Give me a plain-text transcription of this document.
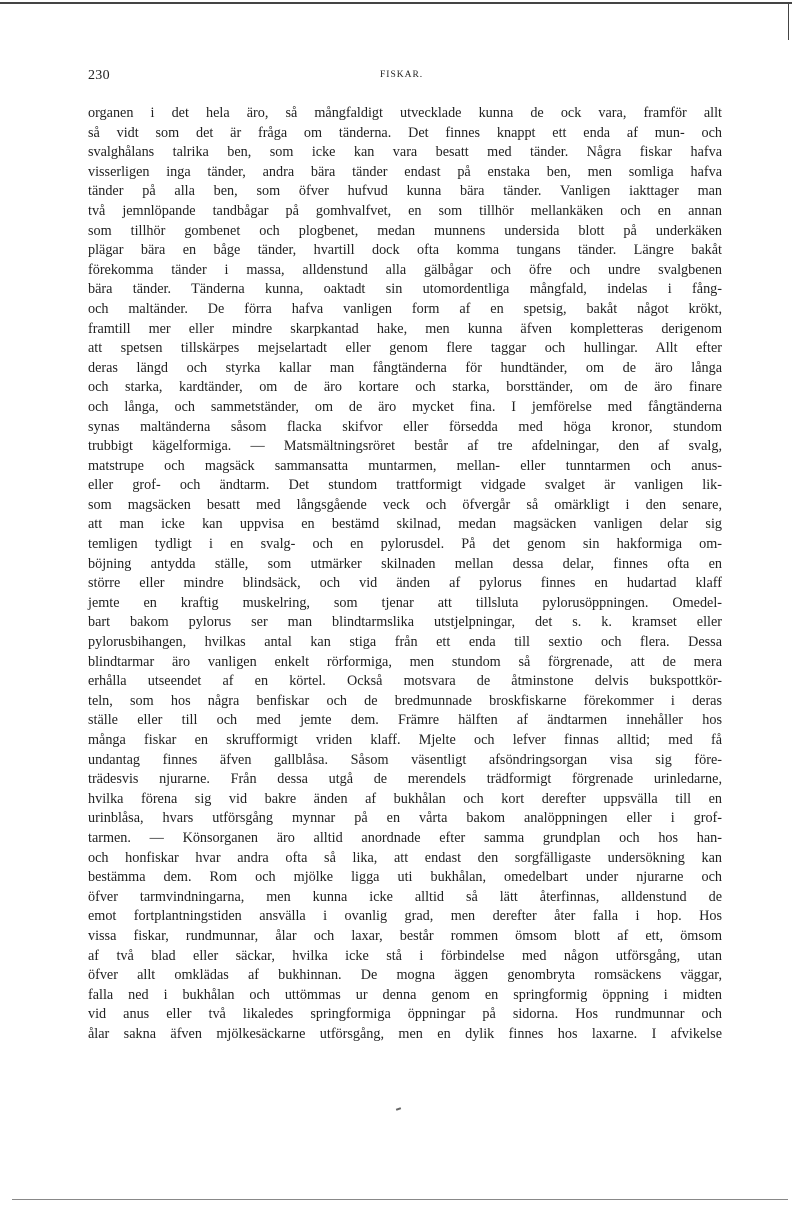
230	FISKAR.
organen i det hela äro, så mångfaldigt utvecklade kunna de ock vara, framför allt
så vidt som det är fråga om tänderna. Det finnes knappt ett enda af mun- och
svalghålans talrika ben, som icke kan vara besatt med tänder. Några fiskar hafva
visserligen inga tänder, andra bära tänder endast på enstaka ben, men somliga hafva
tänder på alla ben, som öfver hufvud kunna bära tänder. Vanligen iakttager man
två jemnlöpande tandbågar på gomhvalfvet, en som tillhör mellankäken och en annan
som tillhör gombenet och plogbenet, medan munnens undersida blott på underkäken
plägar bära en båge tänder, hvartill dock ofta komma tungans tänder. Längre bakåt
förekomma tänder i massa, alldenstund alla gälbågar och öfre och undre svalgbenen
bära tänder. Tänderna kunna, oaktadt sin utomordentliga mångfald, indelas i fång-
och maltänder. De förra hafva vanligen form af en spetsig, bakåt något krökt,
framtill mer eller mindre skarpkantad hake, men kunna äfven kompletteras derigenom
att spetsen tillskärpes mejselartadt eller genom flere taggar och hullingar. Allt efter
deras längd och styrka kallar man fångtänderna för hundtänder, om de äro långa
och starka, kardtänder, om de äro kortare och starka, borsttänder, om de äro finare
och långa, och sammetständer, om de äro mycket fina. I jemförelse med fångtänderna
synas maltänderna såsom flacka skifvor eller försedda med höga kronor, stundom
trubbigt kägelformiga. — Matsmältningsröret består af tre afdelningar, den af svalg,
matstrupe och magsäck sammansatta muntarmen, mellan- eller tunntarmen och anus-
eller grof- och ändtarm. Det stundom trattformigt vidgade svalget är vanligen lik-
som magsäcken besatt med långsgående veck och öfvergår så omärkligt i den senare,
att man icke kan uppvisa en bestämd skilnad, medan magsäcken vanligen delar sig
temligen tydligt i en svalg- och en pylorusdel. På det genom sin hakformiga om-
böjning antydda ställe, som utmärker skilnaden mellan dessa delar, finnes ofta en
större eller mindre blindsäck, och vid änden af pylorus finnes en hudartad klaff
jemte en kraftig muskelring, som tjenar att tillsluta pylorusöppningen. Omedel-
bart bakom pylorus ser man blindtarmslika utstjelpningar, det s. k. kramset eller
pylorusbihangen, hvilkas antal kan stiga från ett enda till sextio och flera. Dessa
blindtarmar äro vanligen enkelt rörformiga, men stundom så förgrenade, att de mera
erhålla utseendet af en körtel. Också motsvara de åtminstone delvis bukspottkör-
teln, som hos några benfiskar och de bredmunnade broskfiskarne förekommer i deras
ställe eller till och med jemte dem. Främre hälften af ändtarmen innehåller hos
många fiskar en skrufformigt vriden klaff. Mjelte och lefver finnas alltid; med få
undantag finnes äfven gallblåsa. Såsom väsentligt afsöndringsorgan visa sig före-
trädesvis njurarne. Från dessa utgå de merendels trädformigt förgrenade urinledarne,
hvilka förena sig vid bakre änden af bukhålan och kort derefter uppsvälla till en
urinblåsa, hvars utförsgång mynnar på en vårta bakom analöppningen eller i grof-
tarmen. — Könsorganen äro alltid anordnade efter samma grundplan och hos han-
och honfiskar hvar andra ofta så lika, att endast den sorgfälligaste undersökning kan
bestämma dem. Rom och mjölke ligga uti bukhålan, omedelbart under njurarne och
öfver tarmvindningarna, men kunna icke alltid så lätt återfinnas, alldenstund de
emot fortplantningstiden ansvälla i ovanlig grad, men derefter åter falla i hop. Hos
vissa fiskar, rundmunnar, ålar och laxar, består rommen ömsom blott af ett, ömsom
af två blad eller säckar, hvilka icke stå i förbindelse med någon utförsgång, utan
öfver allt omklädas af bukhinnan. De mogna äggen genombryta romsäckens väggar,
falla ned i bukhålan och uttömmas ur denna genom en springformig öppning i midten
vid anus eller två likaledes springformiga öppningar på sidorna. Hos rundmunnar och
ålar sakna äfven mjölkesäckarne utförsgång, men en dylik finnes hos laxarne. I afvikelse
